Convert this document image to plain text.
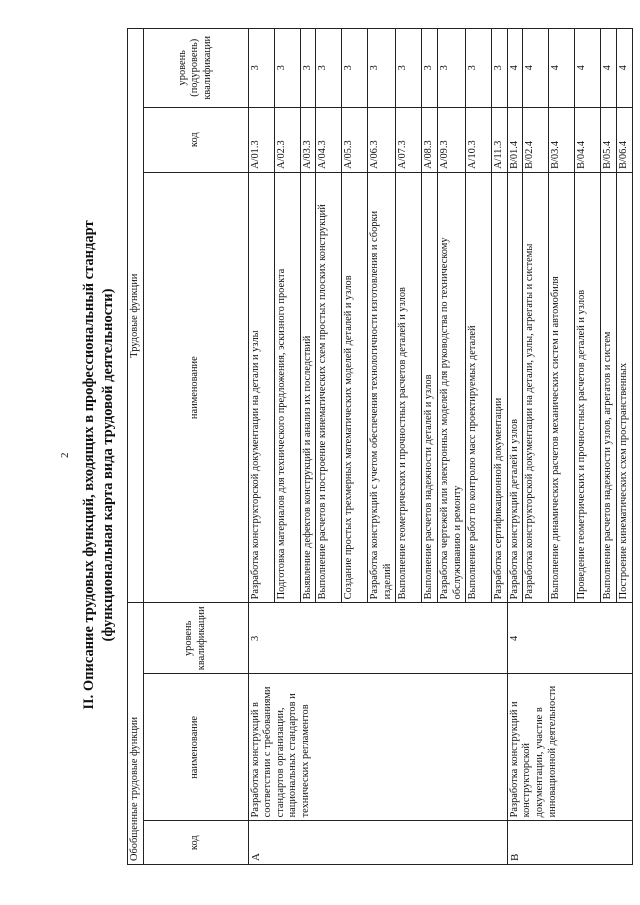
2 II. Описание трудовых функций, входящих в профессиональный стандарт (функциональная карта вида трудовой деятельности)
Обобщенные трудовые функции			Трудовые функции		
код	наименование	уровень квалификации	наименование	код	уровень (подуровень) квалификации
A	Разработка конструкций в соответствии с требованиями стандартов организации, национальных стандартов и технических регламентов	3	Разработка конструкторской документации на детали и узлы	A/01.3	3
			Подготовка материалов для технического предложения, эскизного проекта	A/02.3	3
			Выявление дефектов конструкций и анализ их последствий	A/03.3	3
			Выполнение расчетов и построение кинематических схем простых плоских конструкций	A/04.3	3
			Создание простых трехмерных математических моделей деталей и узлов	A/05.3	3
			Разработка конструкций с учетом обеспечения технологичности изготовления и сборки изделий	A/06.3	3
			Выполнение геометрических и прочностных расчетов деталей и узлов	A/07.3	3
			Выполнение расчетов надежности деталей и узлов	A/08.3	3
			Разработка чертежей или электронных моделей для руководства по техническому обслуживанию и ремонту	A/09.3	3
			Выполнение работ по контролю масс проектируемых деталей	A/10.3	3
			Разработка сертификационной документации	A/11.3	3
B	Разработка конструкций и конструкторской документации, участие в инновационной деятельности	4	Разработка конструкций деталей и узлов	B/01.4	4
			Разработка конструкторской документации на детали, узлы, агрегаты и системы	B/02.4	4
			Выполнение динамических расчетов механических систем и автомобиля	B/03.4	4
			Проведение геометрических и прочностных расчетов деталей и узлов	B/04.4	4
			Выполнение расчетов надежности узлов, агрегатов и систем	B/05.4	4
			Построение кинематических схем пространственных	B/06.4	4
